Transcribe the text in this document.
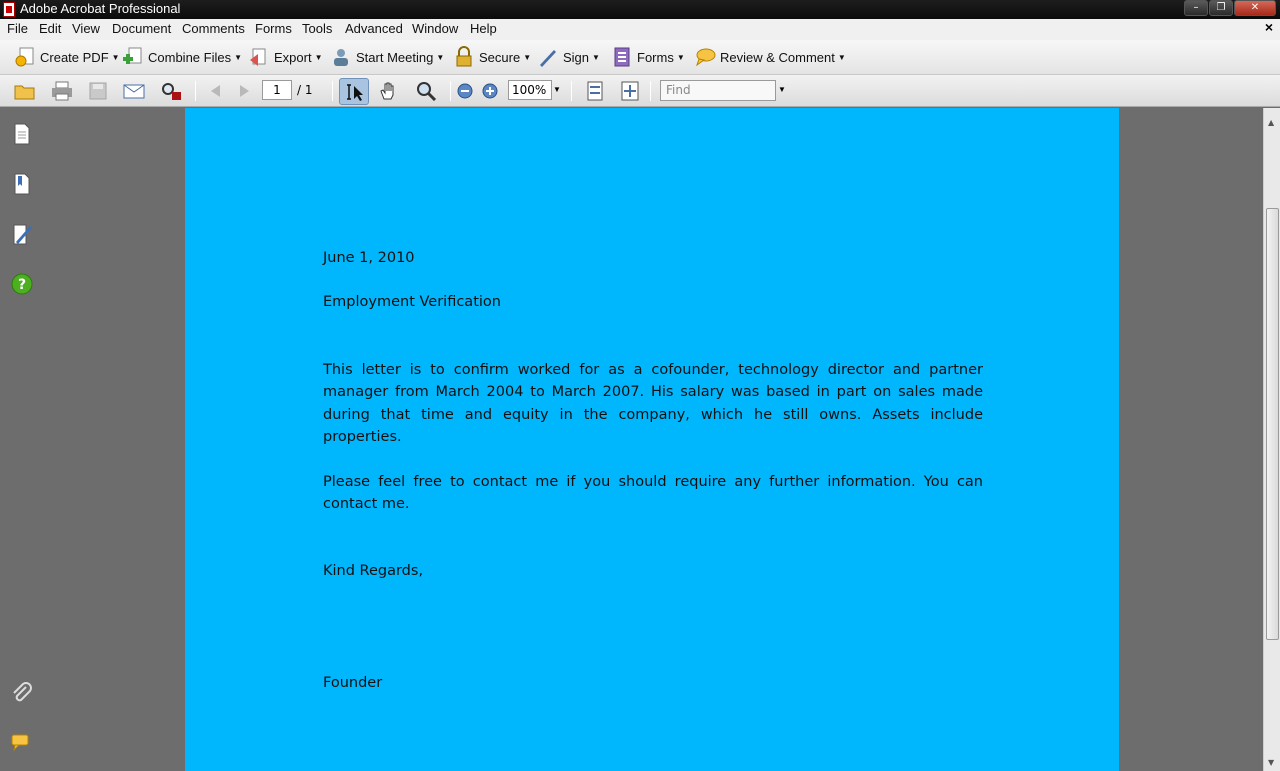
Adobe Acrobat Professional	–	❐	✕
File Edit View Document Comments Forms Tools Advanced Window Help	×
Create PDF ▼ Combine Files ▼ Export ▼	Start Meeting ▼	Secure ▼ Sign ▼	Forms ▼	Review & Comment ▼
▼	▼
1	/ 1	100%	Find
?
June 1, 2010
Employment Verification
This letter is to confirm worked for as a cofounder, technology director and partner manager from March 2004 to March 2007. His salary was based in part on sales made during that time and equity in the company, which he still owns. Assets include properties.
Please feel free to contact me if you should require any further information. You can contact me.
Kind Regards,
Founder
▲
▼
